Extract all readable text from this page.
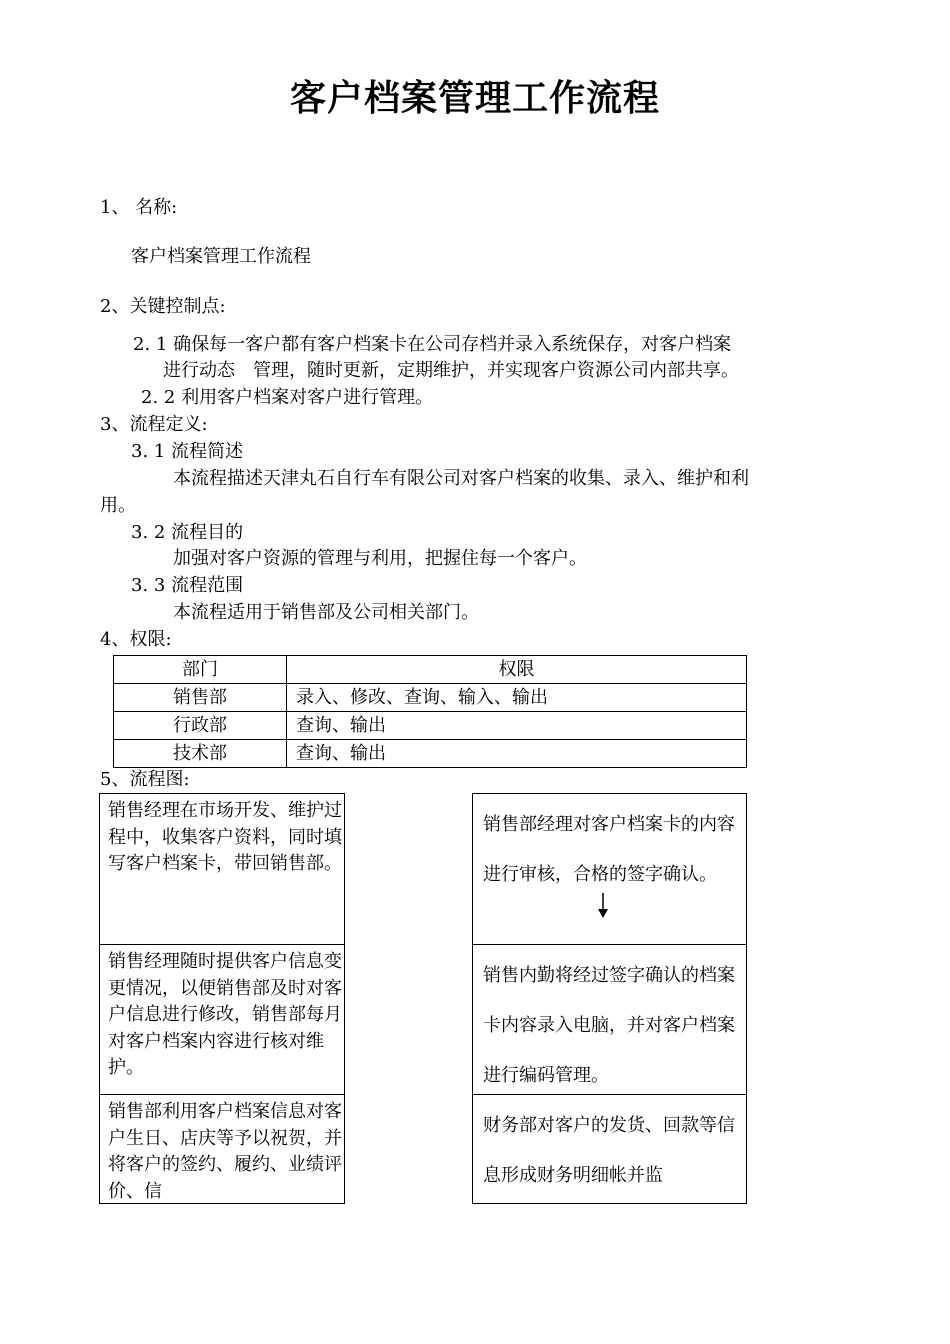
客户档案管理工作流程
1、 名称:
客户档案管理工作流程
2、关键控制点:
2. 1 确保每一客户都有客户档案卡在公司存档并录入系统保存，对客户档案
进行动态　管理，随时更新，定期维护，并实现客户资源公司内部共享。
2. 2 利用客户档案对客户进行管理。
3、流程定义:
3. 1 流程简述
本流程描述天津丸石自行车有限公司对客户档案的收集、录入、维护和利
用。
3. 2 流程目的
加强对客户资源的管理与利用，把握住每一个客户。
3. 3 流程范围
本流程适用于销售部及公司相关部门。
4、权限:
部门	权限
销售部	录入、修改、查询、输入、输出
行政部	查询、输出
技术部	查询、输出
5、流程图:
销售经理在市场开发、维护过程中，收集客户资料，同时填写客户档案卡，带回销售部。
销售经理随时提供客户信息变更情况，以便销售部及时对客户信息进行修改，销售部每月对客户档案内容进行核对维护。
销售部利用客户档案信息对客户生日、店庆等予以祝贺，并将客户的签约、履约、业绩评价、信
销售部经理对客户档案卡的内容进行审核，合格的签字确认。
销售内勤将经过签字确认的档案卡内容录入电脑，并对客户档案进行编码管理。
财务部对客户的发货、回款等信息形成财务明细帐并监
